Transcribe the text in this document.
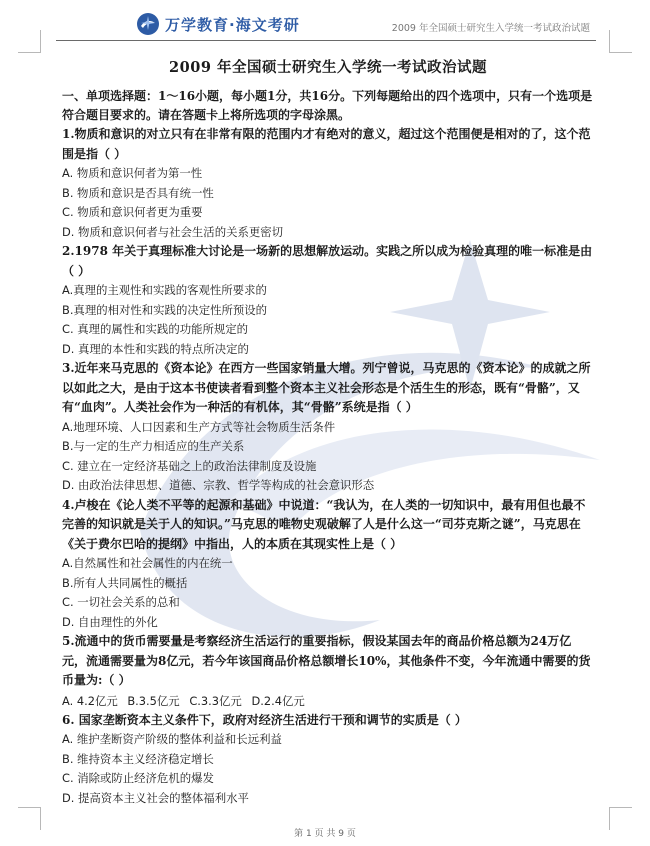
万学教育·海文考研	2009 年全国硕士研究生入学统一考试政治试题
2009 年全国硕士研究生入学统一考试政治试题

一、单项选择题：1～16小题，每小题1分，共16分。下列每题给出的四个选项中，只有一个选项是符合题目要求的。请在答题卡上将所选项的字母涂黑。

1.物质和意识的对立只有在非常有限的范围内才有绝对的意义，超过这个范围便是相对的了，这个范围是指（ ）

A. 物质和意识何者为第一性

B. 物质和意识是否具有统一性

C. 物质和意识何者更为重要

D. 物质和意识何者与社会生活的关系更密切

2.1978 年关于真理标准大讨论是一场新的思想解放运动。实践之所以成为检验真理的唯一标准是由（ ）

A.真理的主观性和实践的客观性所要求的

B.真理的相对性和实践的决定性所预设的

C. 真理的属性和实践的功能所规定的

D. 真理的本性和实践的特点所决定的

3.近年来马克思的《资本论》在西方一些国家销量大增。列宁曾说，马克思的《资本论》的成就之所以如此之大，是由于这本书使读者看到整个资本主义社会形态是个活生生的形态，既有“骨骼”，又有“血肉”。人类社会作为一种活的有机体，其“骨骼”系统是指（ ）

A.地理环境、人口因素和生产方式等社会物质生活条件

B.与一定的生产力相适应的生产关系

C. 建立在一定经济基础之上的政治法律制度及设施

D. 由政治法律思想、道德、宗教、哲学等构成的社会意识形态

4.卢梭在《论人类不平等的起源和基础》中说道：“我认为，在人类的一切知识中，最有用但也最不完善的知识就是关于人的知识。”马克思的唯物史观破解了人是什么这一“司芬克斯之谜”，马克思在《关于费尔巴哈的提纲》中指出，人的本质在其现实性上是（ ）

A.自然属性和社会属性的内在统一

B.所有人共同属性的概括

C. 一切社会关系的总和

D. 自由理性的外化

5.流通中的货币需要量是考察经济生活运行的重要指标，假设某国去年的商品价格总额为24万亿元，流通需要量为8亿元，若今年该国商品价格总额增长10%，其他条件不变，今年流通中需要的货币量为:（ ）

A. 4.2亿元 B.3.5亿元 C.3.3亿元 D.2.4亿元

6. 国家垄断资本主义条件下，政府对经济生活进行干预和调节的实质是（ ）

A. 维护垄断资产阶级的整体利益和长远利益

B. 维持资本主义经济稳定增长

C. 消除或防止经济危机的爆发

D. 提高资本主义社会的整体福利水平

第 1 页 共 9 页
